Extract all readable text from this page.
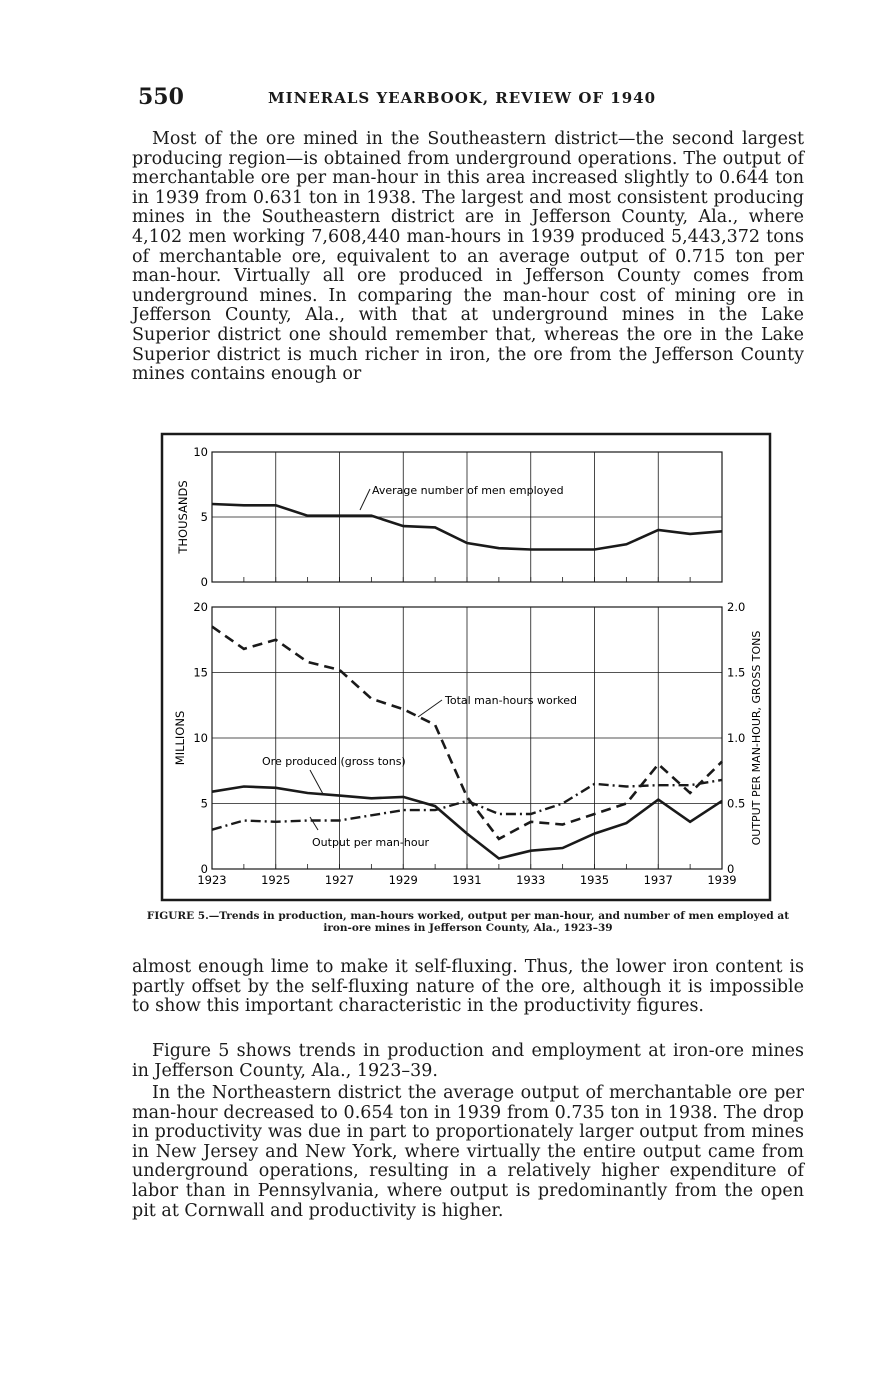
550	MINERALS YEARBOOK, REVIEW OF 1940

Most of the ore mined in the Southeastern district—the second largest producing region—is obtained from underground operations. The output of merchantable ore per man-hour in this area increased slightly to 0.644 ton in 1939 from 0.631 ton in 1938. The largest and most consistent producing mines in the Southeastern district are in Jefferson County, Ala., where 4,102 men working 7,608,440 man-hours in 1939 produced 5,443,372 tons of merchantable ore, equivalent to an average output of 0.715 ton per man-hour. Virtually all ore produced in Jefferson County comes from underground mines. In comparing the man-hour cost of mining ore in Jefferson County, Ala., with that at underground mines in the Lake Superior district one should remember that, whereas the ore in the Lake Superior district is much richer in iron, the ore from the Jefferson County mines contains enough or

0
5
10
THOUSANDS	Average number of men employed
0
5
10
15
20
0
0.5
1.0
1.5
2.0
1923	1925	1927	1929	1931	1933	1935	1937	1939
MILLIONS	OUTPUT PER MAN-HOUR, GROSS TONS
Total man-hours worked
Ore produced (gross tons)
Output per man-hour
FIGURE 5.—Trends in production, man-hours worked, output per man-hour, and number of men employed at iron-ore mines in Jefferson County, Ala., 1923–39

almost enough lime to make it self-fluxing. Thus, the lower iron content is partly offset by the self-fluxing nature of the ore, although it is impossible to show this important characteristic in the productivity figures.

Figure 5 shows trends in production and employment at iron-ore mines in Jefferson County, Ala., 1923–39.

In the Northeastern district the average output of merchantable ore per man-hour decreased to 0.654 ton in 1939 from 0.735 ton in 1938. The drop in productivity was due in part to proportionately larger output from mines in New Jersey and New York, where virtually the entire output came from underground operations, resulting in a relatively higher expenditure of labor than in Pennsylvania, where output is predominantly from the open pit at Cornwall and productivity is higher.
